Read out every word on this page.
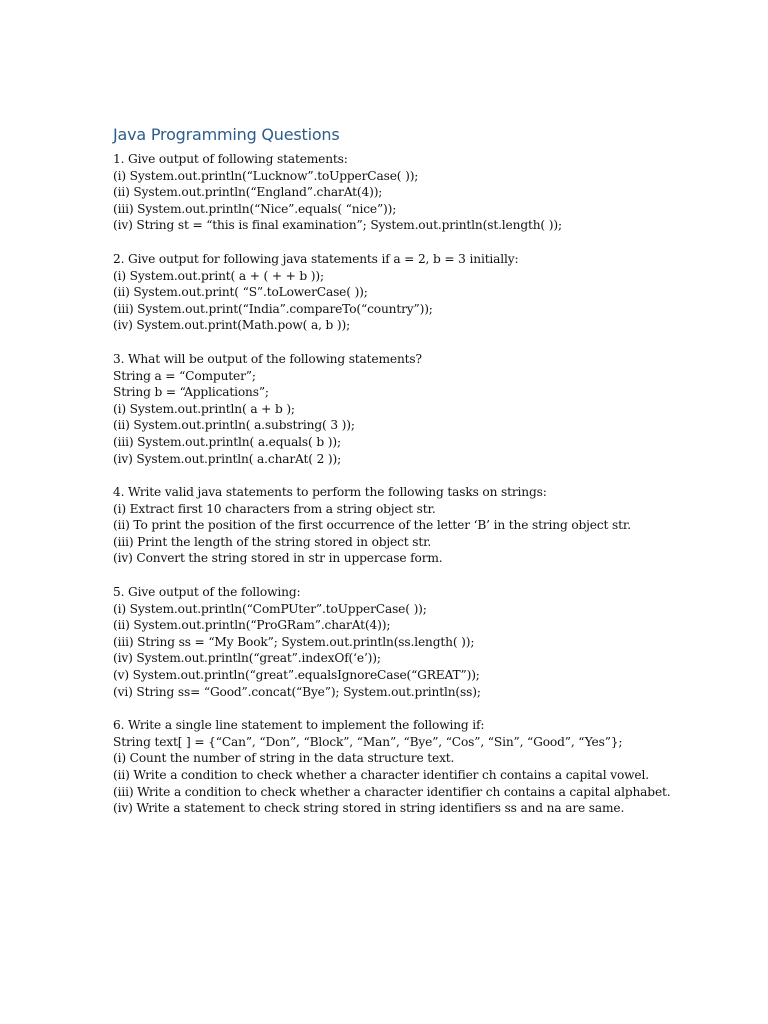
Java Programming Questions
1. Give output of following statements:
(i) System.out.println(“Lucknow”.toUpperCase( ));
(ii) System.out.println(“England”.charAt(4));
(iii) System.out.println(“Nice”.equals( “nice”));
(iv) String st = “this is final examination”; System.out.println(st.length( ));
2. Give output for following java statements if a = 2, b = 3 initially:
(i) System.out.print( a + ( + + b ));
(ii) System.out.print( “S”.toLowerCase( ));
(iii) System.out.print(“India”.compareTo(“country”));
(iv) System.out.print(Math.pow( a, b ));
3. What will be output of the following statements?
String a = “Computer”;
String b = “Applications”;
(i) System.out.println( a + b );
(ii) System.out.println( a.substring( 3 ));
(iii) System.out.println( a.equals( b ));
(iv) System.out.println( a.charAt( 2 ));
4. Write valid java statements to perform the following tasks on strings:
(i) Extract first 10 characters from a string object str.
(ii) To print the position of the first occurrence of the letter ‘B’ in the string object str.
(iii) Print the length of the string stored in object str.
(iv) Convert the string stored in str in uppercase form.
5. Give output of the following:
(i) System.out.println(“ComPUter”.toUpperCase( ));
(ii) System.out.println(“ProGRam”.charAt(4));
(iii) String ss = “My Book”; System.out.println(ss.length( ));
(iv) System.out.println(“great”.indexOf(‘e’));
(v) System.out.println(“great”.equalsIgnoreCase(“GREAT”));
(vi) String ss= “Good”.concat(“Bye”); System.out.println(ss);
6. Write a single line statement to implement the following if:
String text[ ] = {“Can”, “Don”, “Block”, “Man”, “Bye”, “Cos”, “Sin”, “Good”, “Yes”};
(i) Count the number of string in the data structure text.
(ii) Write a condition to check whether a character identifier ch contains a capital vowel.
(iii) Write a condition to check whether a character identifier ch contains a capital alphabet.
(iv) Write a statement to check string stored in string identifiers ss and na are same.
